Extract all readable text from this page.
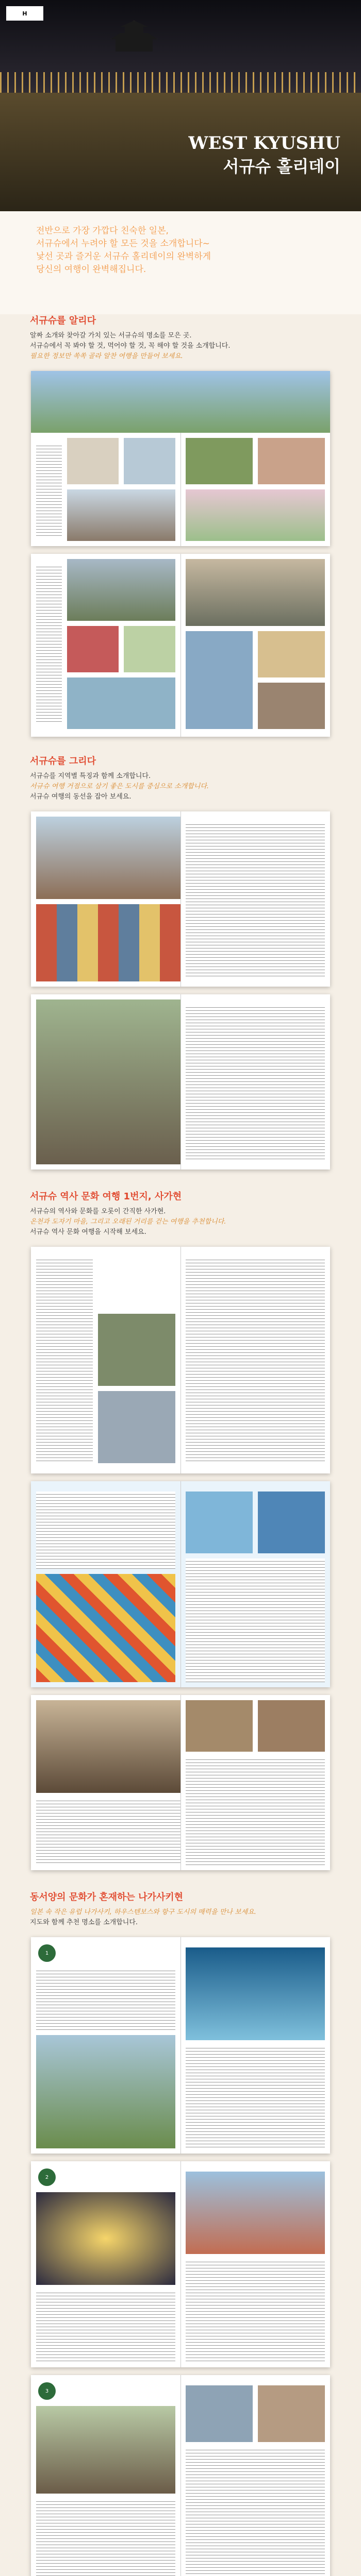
H
WEST KYUSHU
서규슈 홀리데이

전반으로 가장 가깝다 친숙한 일본,

서규슈에서 누려야 할 모든 것을 소개합니다~

낯선 곳과 즐거운 서규슈 홀리데이의 완벽하게

당신의 여행이 완벽해집니다.

서규슈를 알리다

알짜 소개와 찾아갈 가치 있는 서규슈의 명소를 모은 곳.

서규슈에서 꼭 봐야 할 것, 먹어야 할 것, 꼭 해야 할 것을 소개합니다.

필요한 정보만 쏙쏙 골라 알찬 여행을 만들어 보세요.

서규슈를 그리다

서규슈를 지역별 특징과 함께 소개합니다.

서규슈 여행 거점으로 삼기 좋은 도시를 중심으로 소개합니다.

서규슈 여행의 동선을 잡아 보세요.

서규슈 역사 문화 여행 1번지, 사가현

서규슈의 역사와 문화를 오롯이 간직한 사가현.

온천과 도자기 마을, 그리고 오래된 거리를 걷는 여행을 추천합니다.

서규슈 역사 문화 여행을 시작해 보세요.

동서양의 문화가 혼재하는 나가사키현

일본 속 작은 유럽 나가사키, 하우스텐보스와 항구 도시의 매력을 만나 보세요.

지도와 함께 추천 명소를 소개합니다.

1
2
3
